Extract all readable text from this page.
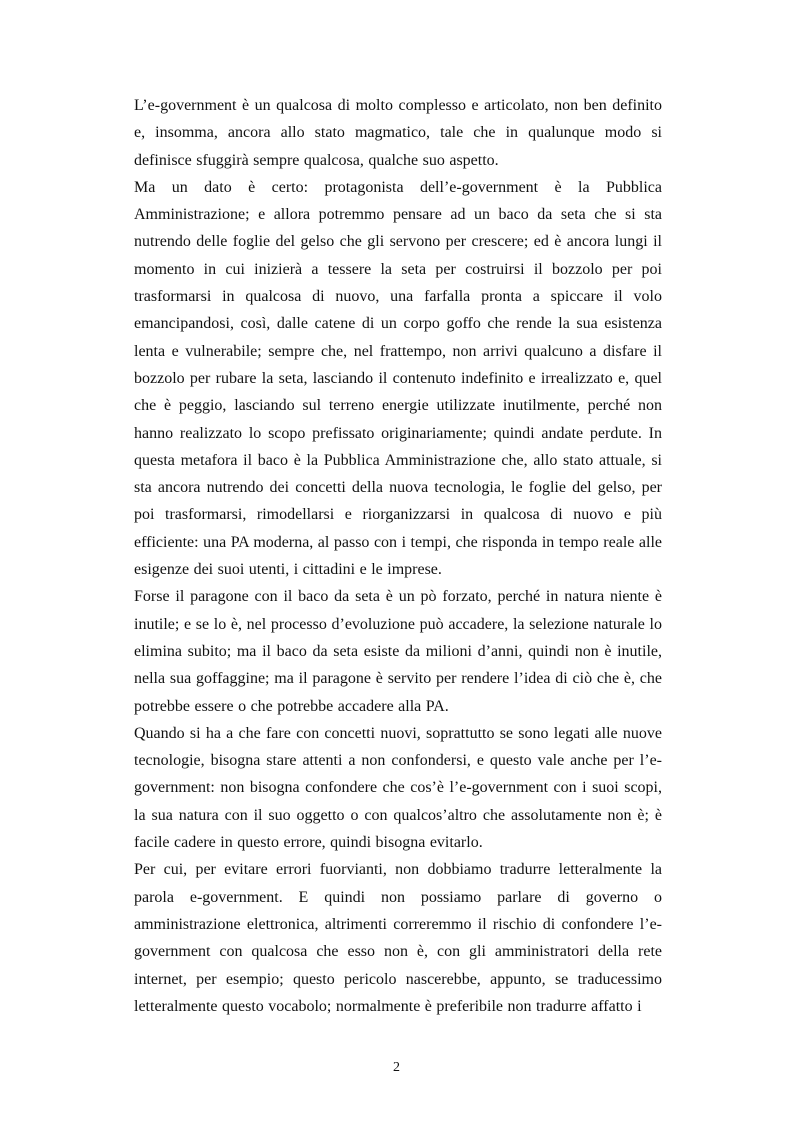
L’e-government è un qualcosa di molto complesso e articolato, non ben definito e, insomma, ancora allo stato magmatico, tale che in qualunque modo si definisce sfuggirà sempre qualcosa, qualche suo aspetto.

Ma un dato è certo: protagonista dell’e-government è la Pubblica Amministrazione; e allora potremmo pensare ad un baco da seta che si sta nutrendo delle foglie del gelso che gli servono per crescere; ed è ancora lungi il momento in cui inizierà a tessere la seta per costruirsi il bozzolo per poi trasformarsi in qualcosa di nuovo, una farfalla pronta a spiccare il volo emancipandosi, così, dalle catene di un corpo goffo che rende la sua esistenza lenta e vulnerabile; sempre che, nel frattempo, non arrivi qualcuno a disfare il bozzolo per rubare la seta, lasciando il contenuto indefinito e irrealizzato e, quel che è peggio, lasciando sul terreno energie utilizzate inutilmente, perché non hanno realizzato lo scopo prefissato originariamente; quindi andate perdute. In questa metafora il baco è la Pubblica Amministrazione che, allo stato attuale, si sta ancora nutrendo dei concetti della nuova tecnologia, le foglie del gelso, per poi trasformarsi, rimodellarsi e riorganizzarsi in qualcosa di nuovo e più efficiente: una PA moderna, al passo con i tempi, che risponda in tempo reale alle esigenze dei suoi utenti, i cittadini e le imprese.

Forse il paragone con il baco da seta è un pò forzato, perché in natura niente è inutile; e se lo è, nel processo d’evoluzione può accadere, la selezione naturale lo elimina subito; ma il baco da seta esiste da milioni d’anni, quindi non è inutile, nella sua goffaggine; ma il paragone è servito per rendere l’idea di ciò che è, che potrebbe essere o che potrebbe accadere alla PA.

Quando si ha a che fare con concetti nuovi, soprattutto se sono legati alle nuove tecnologie, bisogna stare attenti a non confondersi, e questo vale anche per l’e-government: non bisogna confondere che cos’è l’e-government con i suoi scopi, la sua natura con il suo oggetto o con qualcos’altro che assolutamente non è; è facile cadere in questo errore, quindi bisogna evitarlo.

Per cui, per evitare errori fuorvianti, non dobbiamo tradurre letteralmente la parola e-government. E quindi non possiamo parlare di governo o amministrazione elettronica, altrimenti correremmo il rischio di confondere l’e-government con qualcosa che esso non è, con gli amministratori della rete internet, per esempio; questo pericolo nascerebbe, appunto, se traducessimo letteralmente questo vocabolo; normalmente è preferibile non tradurre affatto i

2
